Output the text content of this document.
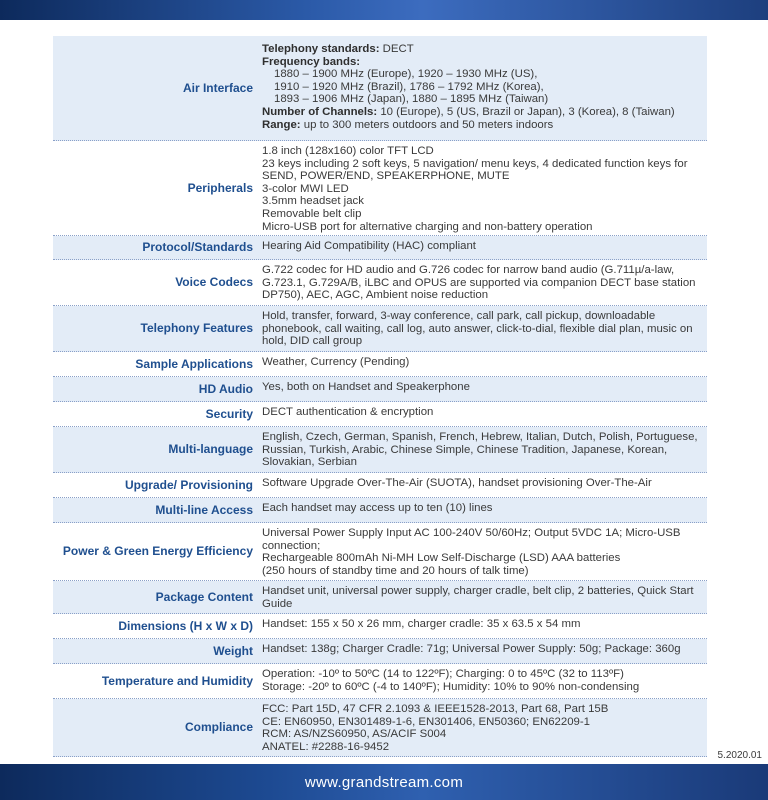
Air Interface
Telephony standards: DECT
Frequency bands:
1880 – 1900 MHz (Europe), 1920 – 1930 MHz (US),
1910 – 1920 MHz (Brazil), 1786 – 1792 MHz (Korea),
1893 – 1906 MHz (Japan), 1880 – 1895 MHz (Taiwan)
Number of Channels: 10 (Europe), 5 (US, Brazil or Japan), 3 (Korea), 8 (Taiwan)
Range: up to 300 meters outdoors and 50 meters indoors
Peripherals
1.8 inch (128x160) color TFT LCD
23 keys including 2 soft keys, 5 navigation/ menu keys, 4 dedicated function keys for SEND, POWER/END, SPEAKERPHONE, MUTE
3-color MWI LED
3.5mm headset jack
Removable belt clip
Micro-USB port for alternative charging and non-battery operation
Protocol/Standards Hearing Aid Compatibility (HAC) compliant
Voice Codecs
G.722 codec for HD audio and G.726 codec for narrow band audio (G.711µ/a-law, G.723.1, G.729A/B, iLBC and OPUS are supported via companion DECT base station DP750), AEC, AGC, Ambient noise reduction
Telephony Features
Hold, transfer, forward, 3-way conference, call park, call pickup, downloadable phonebook, call waiting, call log, auto answer, click-to-dial, flexible dial plan, music on hold, DID call group
Sample Applications Weather, Currency (Pending)
HD Audio Yes, both on Handset and Speakerphone
Security DECT authentication & encryption
Multi-language
English, Czech, German, Spanish, French, Hebrew, Italian, Dutch, Polish, Portuguese, Russian, Turkish, Arabic, Chinese Simple, Chinese Tradition, Japanese, Korean, Slovakian, Serbian
Upgrade/ Provisioning Software Upgrade Over-The-Air (SUOTA), handset provisioning Over-The-Air
Multi-line Access Each handset may access up to ten (10) lines
Power & Green Energy Efficiency
Universal Power Supply Input AC 100-240V 50/60Hz; Output 5VDC 1A; Micro-USB connection;
Rechargeable 800mAh Ni-MH Low Self-Discharge (LSD) AAA batteries
(250 hours of standby time and 20 hours of talk time)
Package Content Handset unit, universal power supply, charger cradle, belt clip, 2 batteries, Quick Start Guide
Dimensions (H x W x D) Handset: 155 x 50 x 26 mm, charger cradle: 35 x 63.5 x 54 mm
Weight Handset: 138g; Charger Cradle: 71g; Universal Power Supply: 50g; Package: 360g
Temperature and Humidity Operation: -10º to 50ºC (14 to 122ºF); Charging: 0 to 45ºC (32 to 113ºF)
Storage: -20º to 60ºC (-4 to 140ºF); Humidity: 10% to 90% non-condensing
Compliance
FCC: Part 15D, 47 CFR 2.1093 & IEEE1528-2013, Part 68, Part 15B
CE: EN60950, EN301489-1-6, EN301406, EN50360; EN62209-1
RCM: AS/NZS60950, AS/ACIF S004
ANATEL: #2288-16-9452
5.2020.01
www.grandstream.com
